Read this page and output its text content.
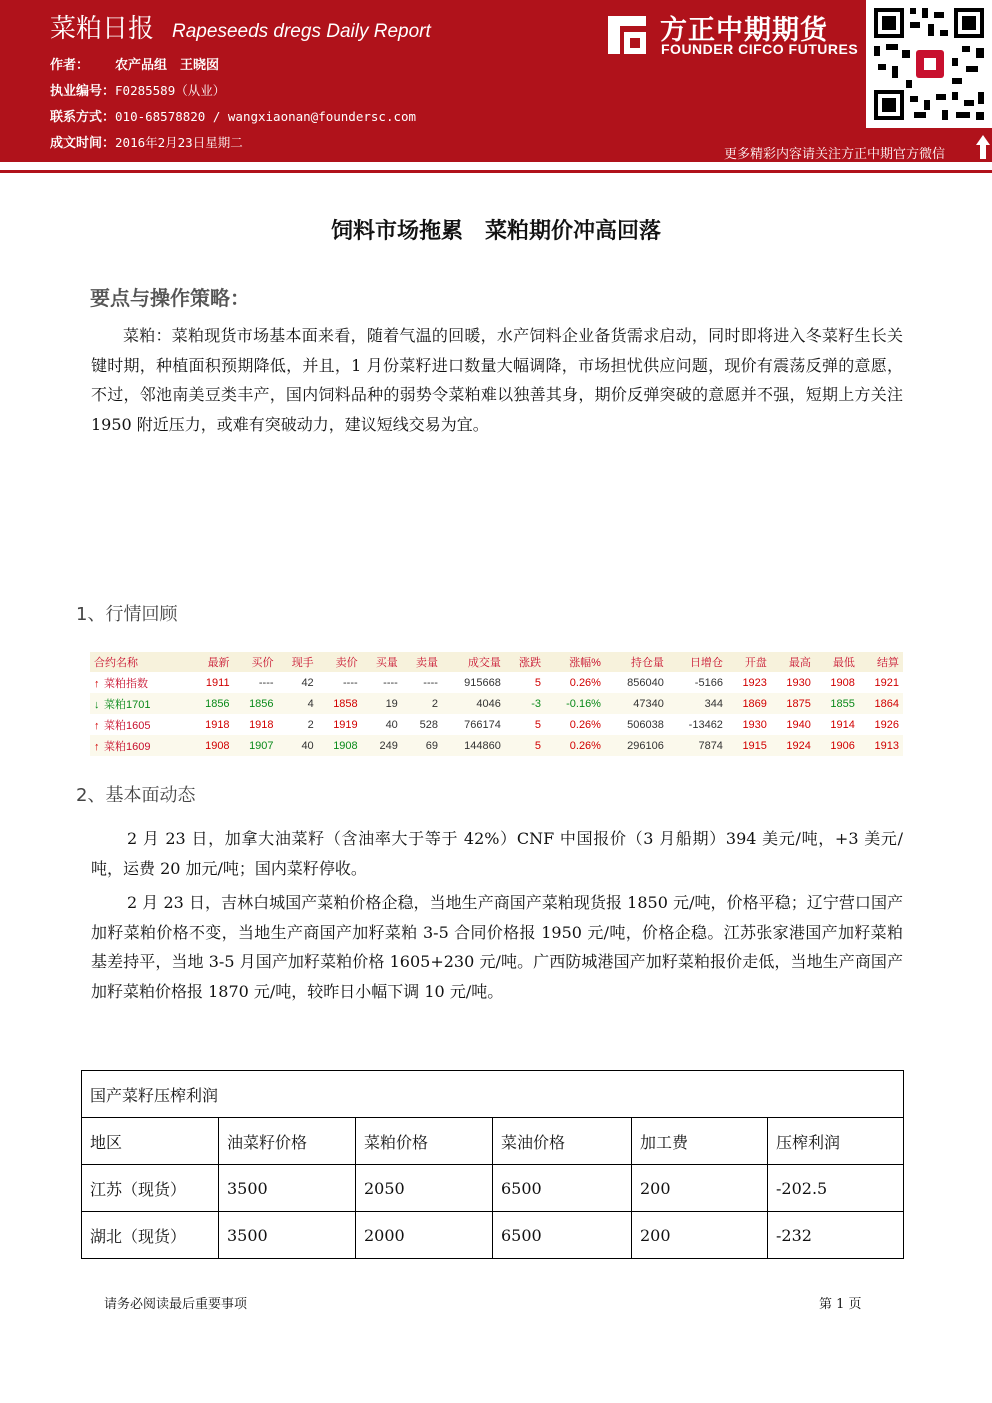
菜粕日报 Rapeseeds dregs Daily Report
作者： 农产品组　王晓囡
执业编号：F0285589（从业）
联系方式：010-68578820 / wangxiaonan@foundersc.com
成文时间：2016年2月23日星期二
方正中期期货
FOUNDER CIFCO FUTURES
更多精彩内容请关注方正中期官方微信
饲料市场拖累　菜粕期价冲高回落
要点与操作策略：
菜粕：菜粕现货市场基本面来看，随着气温的回暖，水产饲料企业备货需求启动，同时即将进入冬菜籽生长关键时期，种植面积预期降低，并且，1 月份菜籽进口数量大幅调降，市场担忧供应问题，现价有震荡反弹的意愿，不过，邻池南美豆类丰产，国内饲料品种的弱势令菜粕难以独善其身，期价反弹突破的意愿并不强，短期上方关注 1950 附近压力，或难有突破动力，建议短线交易为宜。
1、行情回顾
合约名称	最新	买价	现手	卖价	买量	卖量	成交量	涨跌	涨幅%	持仓量	日增仓	开盘	最高	最低	结算
↑ 菜粕指数	1911	----	42	----	----	----	915668	5	0.26%	856040	-5166	1923	1930	1908	1921
↓ 菜粕1701	1856	1856	4	1858	19	2	4046	-3	-0.16%	47340	344	1869	1875	1855	1864
↑ 菜粕1605	1918	1918	2	1919	40	528	766174	5	0.26%	506038	-13462	1930	1940	1914	1926
↑ 菜粕1609	1908	1907	40	1908	249	69	144860	5	0.26%	296106	7874	1915	1924	1906	1913
2、基本面动态
2 月 23 日，加拿大油菜籽（含油率大于等于 42%）CNF 中国报价（3 月船期）394 美元/吨，+3 美元/吨，运费 20 加元/吨；国内菜籽停收。
2 月 23 日，吉林白城国产菜粕价格企稳，当地生产商国产菜粕现货报 1850 元/吨，价格平稳；辽宁营口国产加籽菜粕价格不变，当地生产商国产加籽菜粕 3-5 合同价格报 1950 元/吨，价格企稳。江苏张家港国产加籽菜粕基差持平，当地 3-5 月国产加籽菜粕价格 1605+230 元/吨。广西防城港国产加籽菜粕报价走低，当地生产商国产加籽菜粕价格报 1870 元/吨，较昨日小幅下调 10 元/吨。
国产菜籽压榨利润					
地区	油菜籽价格	菜粕价格	菜油价格	加工费	压榨利润
江苏（现货）	3500	2050	6500	200	-202.5
湖北（现货）	3500	2000	6500	200	-232
请务必阅读最后重要事项	第 1 页
